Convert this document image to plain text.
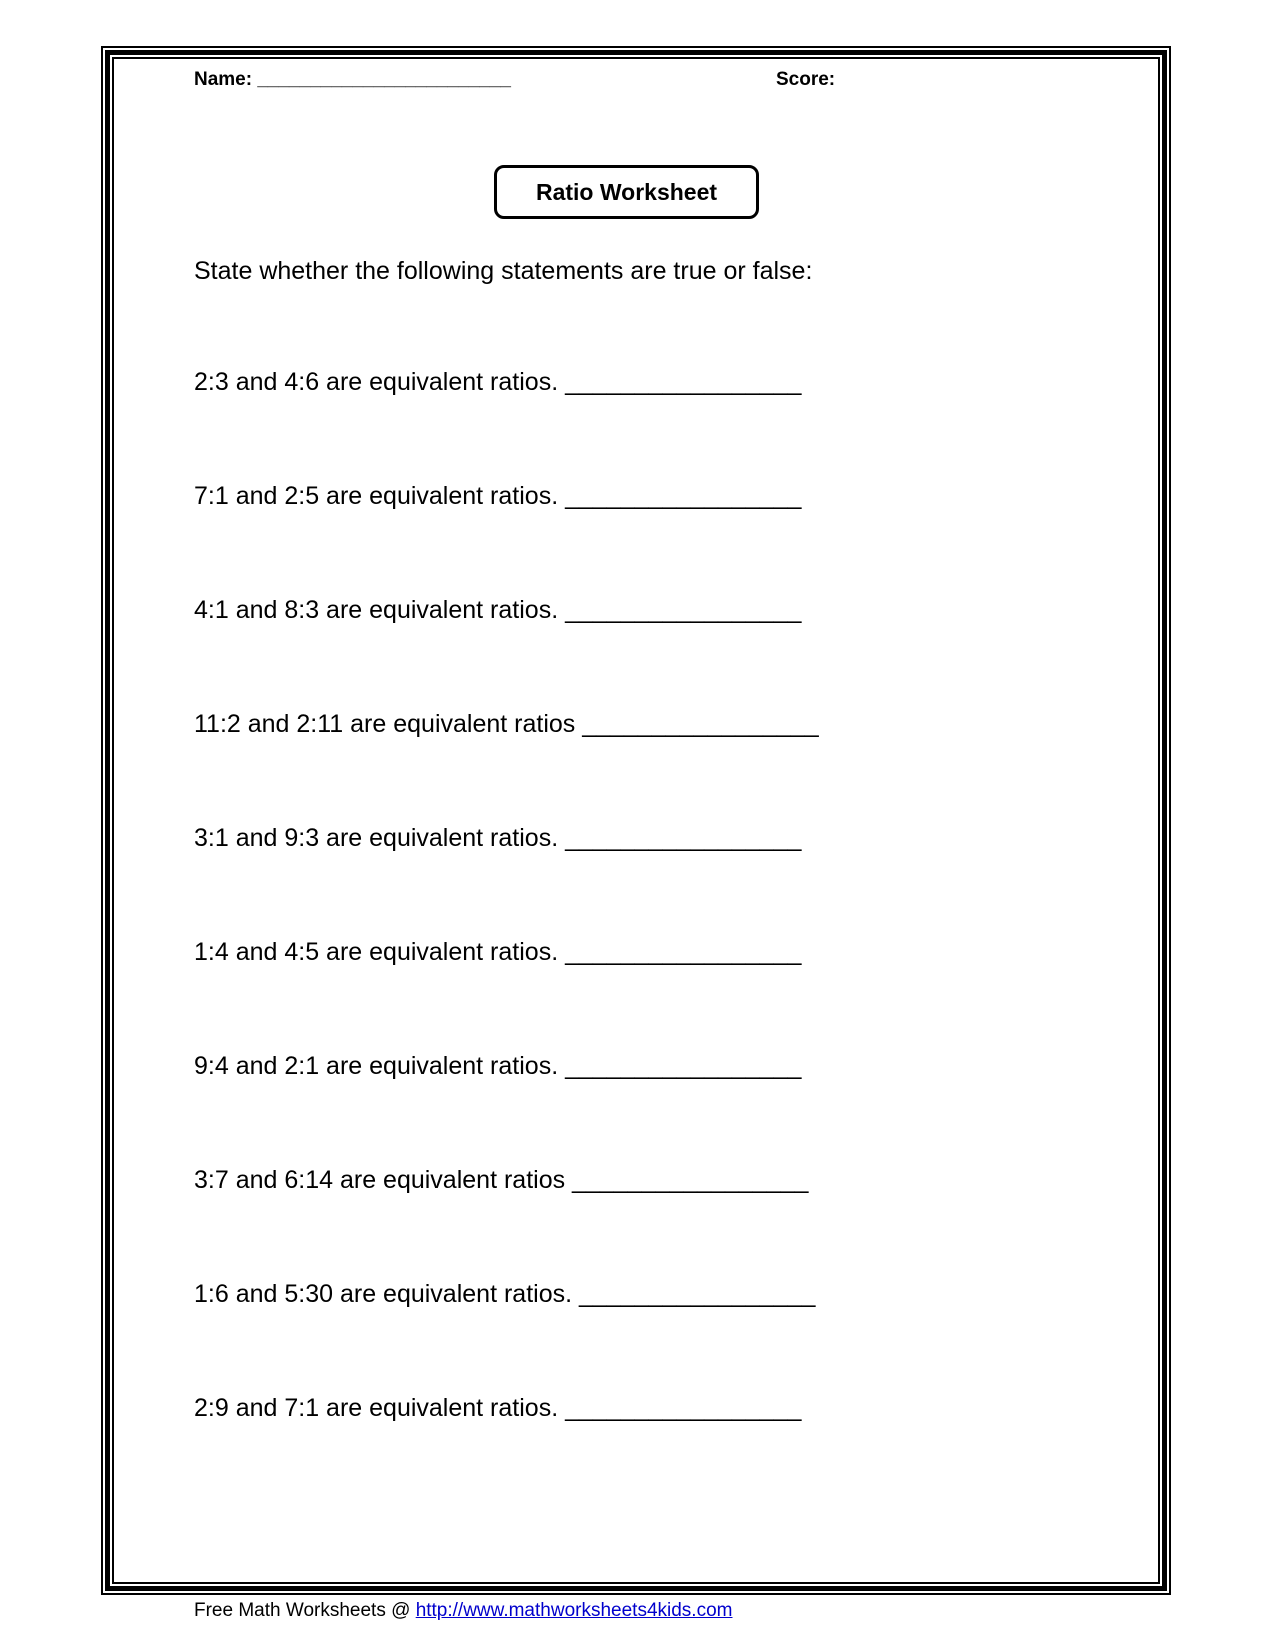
Name: ________________________	Score:
Ratio Worksheet
State whether the following statements are true or false:
2:3 and 4:6 are equivalent ratios. _________________
7:1 and 2:5 are equivalent ratios. _________________
4:1 and 8:3 are equivalent ratios. _________________
11:2 and 2:11 are equivalent ratios _________________
3:1 and 9:3 are equivalent ratios. _________________
1:4 and 4:5 are equivalent ratios. _________________
9:4 and 2:1 are equivalent ratios. _________________
3:7 and 6:14 are equivalent ratios _________________
1:6 and 5:30 are equivalent ratios. _________________
2:9 and 7:1 are equivalent ratios. _________________
Free Math Worksheets @ http://www.mathworksheets4kids.com
